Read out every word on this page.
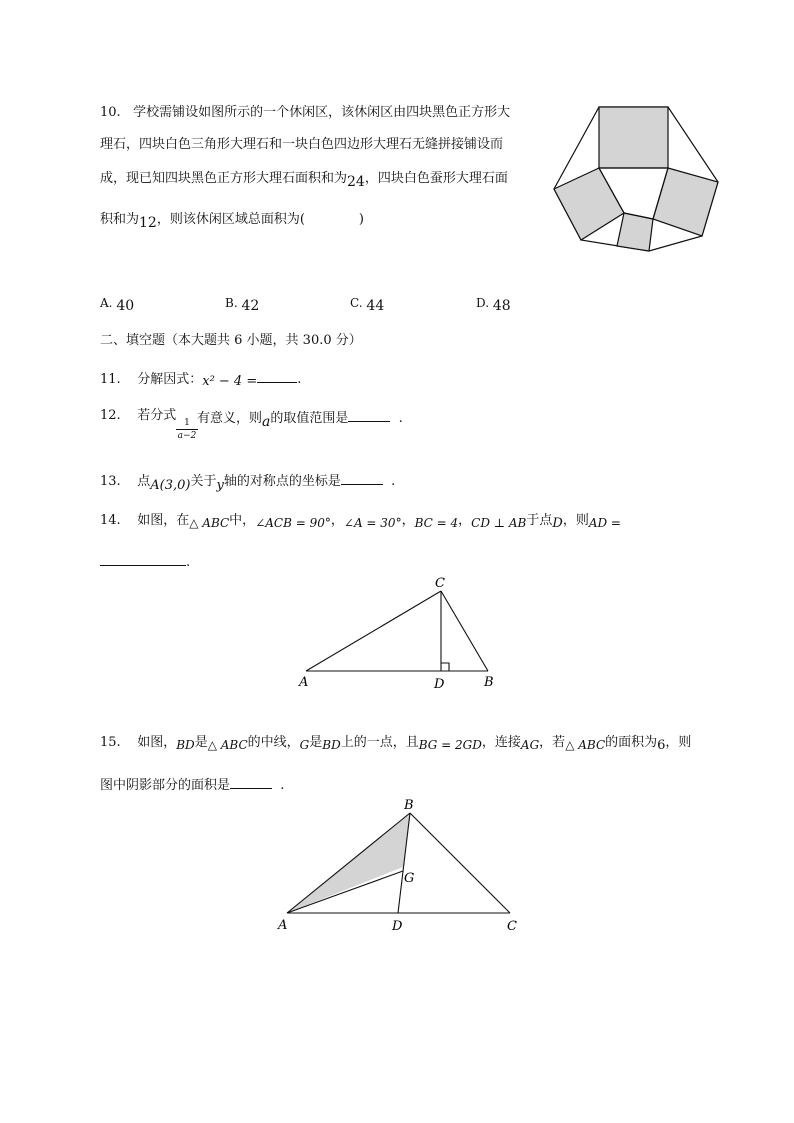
10. 学校需铺设如图所示的一个休闲区，该休闲区由四块黑色正方形大
理石，四块白色三角形大理石和一块白色四边形大理石无缝拼接铺设而
成，现已知四块黑色正方形大理石面积和为24，四块白色蚕形大理石面
积和为12，则该休闲区域总面积为(	)
A. 40	B. 42	C. 44	D. 48
二、填空题（本大题共 6 小题，共 30.0 分）
11. 分解因式：x² − 4 =	.
12. 若分式 1
a−2
有意义，则a的取值范围是	.
13. 点A(3,0)关于y轴的对称点的坐标是	.
14. 如图，在△ ABC中，∠ACB = 90°，∠A = 30°，BC = 4，CD ⊥ AB于点D，则AD =
.
A	B
C
D
15. 如图，BD是△ ABC的中线，G是BD上的一点，且BG = 2GD，连接AG，若△ ABC的面积为6，则
图中阴影部分的面积是	.
B
G
A	D	C
